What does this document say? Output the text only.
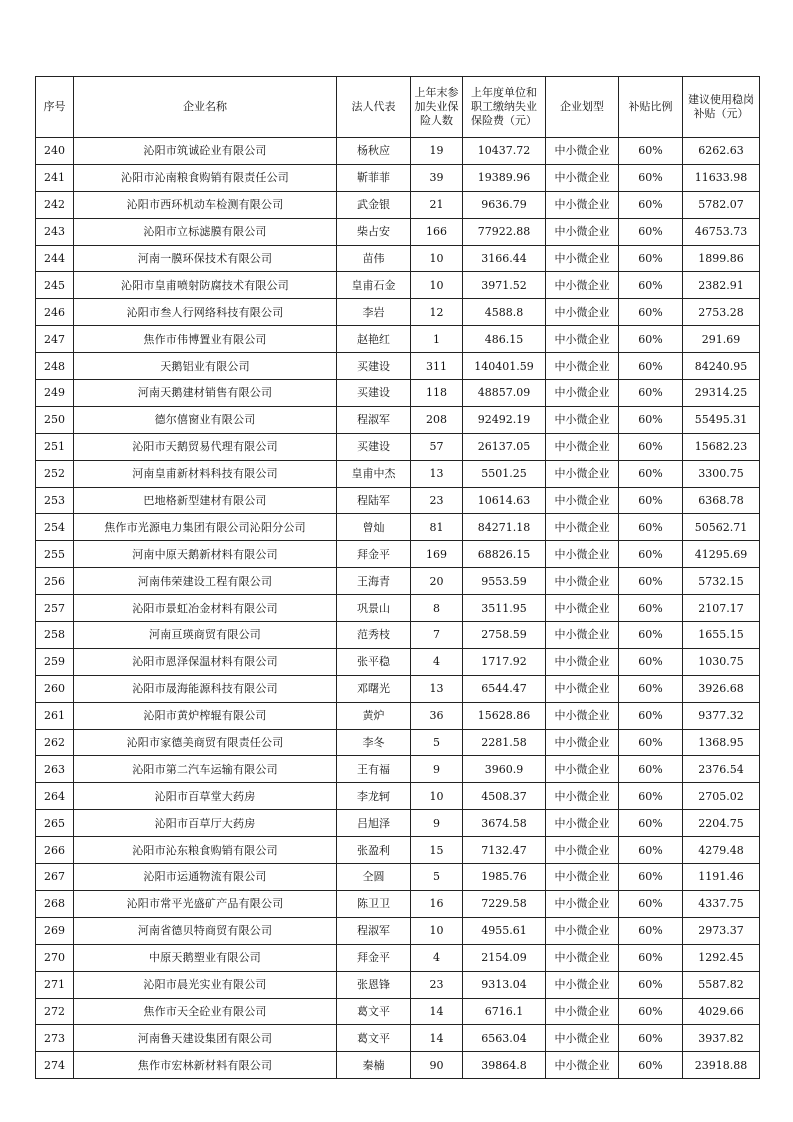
序号	企业名称	法人代表	上年末参加失业保险人数	上年度单位和职工缴纳失业保险费（元）	企业划型	补贴比例	建议使用稳岗补贴（元）
240	沁阳市筑诚砼业有限公司	杨秋应	19	10437.72	中小微企业	60%	6262.63
241	沁阳市沁南粮食购销有限责任公司	靳菲菲	39	19389.96	中小微企业	60%	11633.98
242	沁阳市西环机动车检测有限公司	武金银	21	9636.79	中小微企业	60%	5782.07
243	沁阳市立标滤膜有限公司	柴占安	166	77922.88	中小微企业	60%	46753.73
244	河南一膜环保技术有限公司	苗伟	10	3166.44	中小微企业	60%	1899.86
245	沁阳市皇甫喷射防腐技术有限公司	皇甫石金	10	3971.52	中小微企业	60%	2382.91
246	沁阳市叁人行网络科技有限公司	李岩	12	4588.8	中小微企业	60%	2753.28
247	焦作市伟博置业有限公司	赵艳红	1	486.15	中小微企业	60%	291.69
248	天鹅铝业有限公司	买建设	311	140401.59	中小微企业	60%	84240.95
249	河南天鹅建材销售有限公司	买建设	118	48857.09	中小微企业	60%	29314.25
250	德尔僖窗业有限公司	程淑军	208	92492.19	中小微企业	60%	55495.31
251	沁阳市天鹅贸易代理有限公司	买建设	57	26137.05	中小微企业	60%	15682.23
252	河南皇甫新材料科技有限公司	皇甫中杰	13	5501.25	中小微企业	60%	3300.75
253	巴地格新型建材有限公司	程陆军	23	10614.63	中小微企业	60%	6368.78
254	焦作市光源电力集团有限公司沁阳分公司	曾灿	81	84271.18	中小微企业	60%	50562.71
255	河南中原天鹅新材料有限公司	拜金平	169	68826.15	中小微企业	60%	41295.69
256	河南伟荣建设工程有限公司	王海青	20	9553.59	中小微企业	60%	5732.15
257	沁阳市景虹冶金材料有限公司	巩景山	8	3511.95	中小微企业	60%	2107.17
258	河南亘瑛商贸有限公司	范秀枝	7	2758.59	中小微企业	60%	1655.15
259	沁阳市恩泽保温材料有限公司	张平稳	4	1717.92	中小微企业	60%	1030.75
260	沁阳市晟海能源科技有限公司	邓曙光	13	6544.47	中小微企业	60%	3926.68
261	沁阳市黄炉榨辊有限公司	黄炉	36	15628.86	中小微企业	60%	9377.32
262	沁阳市家德美商贸有限责任公司	李冬	5	2281.58	中小微企业	60%	1368.95
263	沁阳市第二汽车运输有限公司	王有福	9	3960.9	中小微企业	60%	2376.54
264	沁阳市百草堂大药房	李龙轲	10	4508.37	中小微企业	60%	2705.02
265	沁阳市百草厅大药房	吕旭泽	9	3674.58	中小微企业	60%	2204.75
266	沁阳市沁东粮食购销有限公司	张盈利	15	7132.47	中小微企业	60%	4279.48
267	沁阳市运通物流有限公司	仝圆	5	1985.76	中小微企业	60%	1191.46
268	沁阳市常平光盛矿产品有限公司	陈卫卫	16	7229.58	中小微企业	60%	4337.75
269	河南省德贝特商贸有限公司	程淑军	10	4955.61	中小微企业	60%	2973.37
270	中原天鹅塑业有限公司	拜金平	4	2154.09	中小微企业	60%	1292.45
271	沁阳市晨光实业有限公司	张恩锋	23	9313.04	中小微企业	60%	5587.82
272	焦作市天全砼业有限公司	葛文平	14	6716.1	中小微企业	60%	4029.66
273	河南鲁天建设集团有限公司	葛文平	14	6563.04	中小微企业	60%	3937.82
274	焦作市宏林新材料有限公司	秦楠	90	39864.8	中小微企业	60%	23918.88
